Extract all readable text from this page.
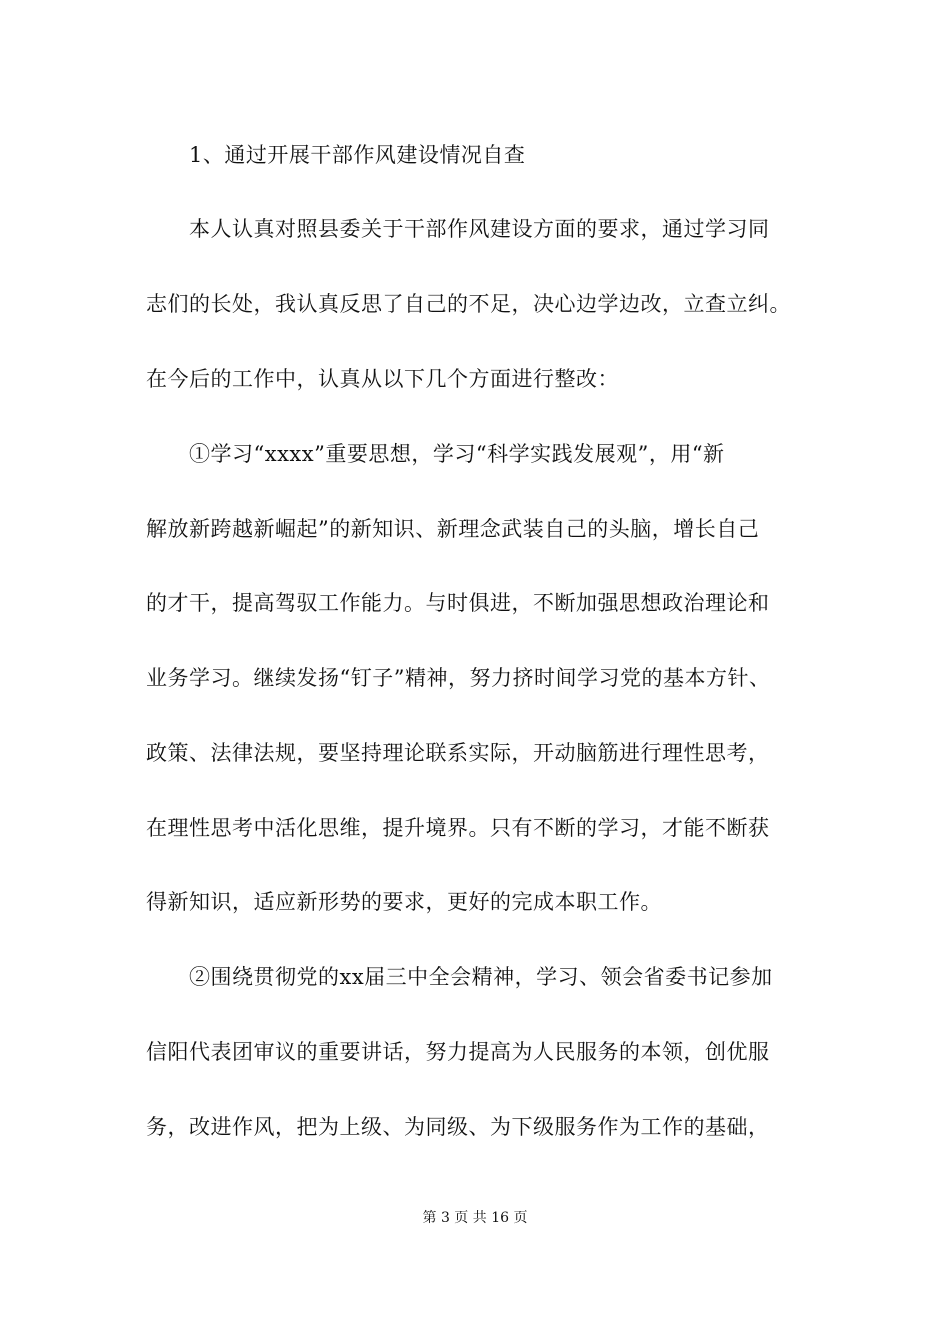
1、通过开展干部作风建设情况自查
本人认真对照县委关于干部作风建设方面的要求，通过学习同
志们的长处，我认真反思了自己的不足，决心边学边改，立查立纠。
在今后的工作中，认真从以下几个方面进行整改：
①学习“xxxx”重要思想，学习“科学实践发展观”，用“新
解放新跨越新崛起”的新知识、新理念武装自己的头脑，增长自己
的才干，提高驾驭工作能力。与时俱进，不断加强思想政治理论和
业务学习。继续发扬“钉子”精神，努力挤时间学习党的基本方针、
政策、法律法规，要坚持理论联系实际，开动脑筋进行理性思考，
在理性思考中活化思维，提升境界。只有不断的学习，才能不断获
得新知识，适应新形势的要求，更好的完成本职工作。
②围绕贯彻党的xx届三中全会精神，学习、领会省委书记参加
信阳代表团审议的重要讲话，努力提高为人民服务的本领，创优服
务，改进作风，把为上级、为同级、为下级服务作为工作的基础，
第 3 页 共 16 页
